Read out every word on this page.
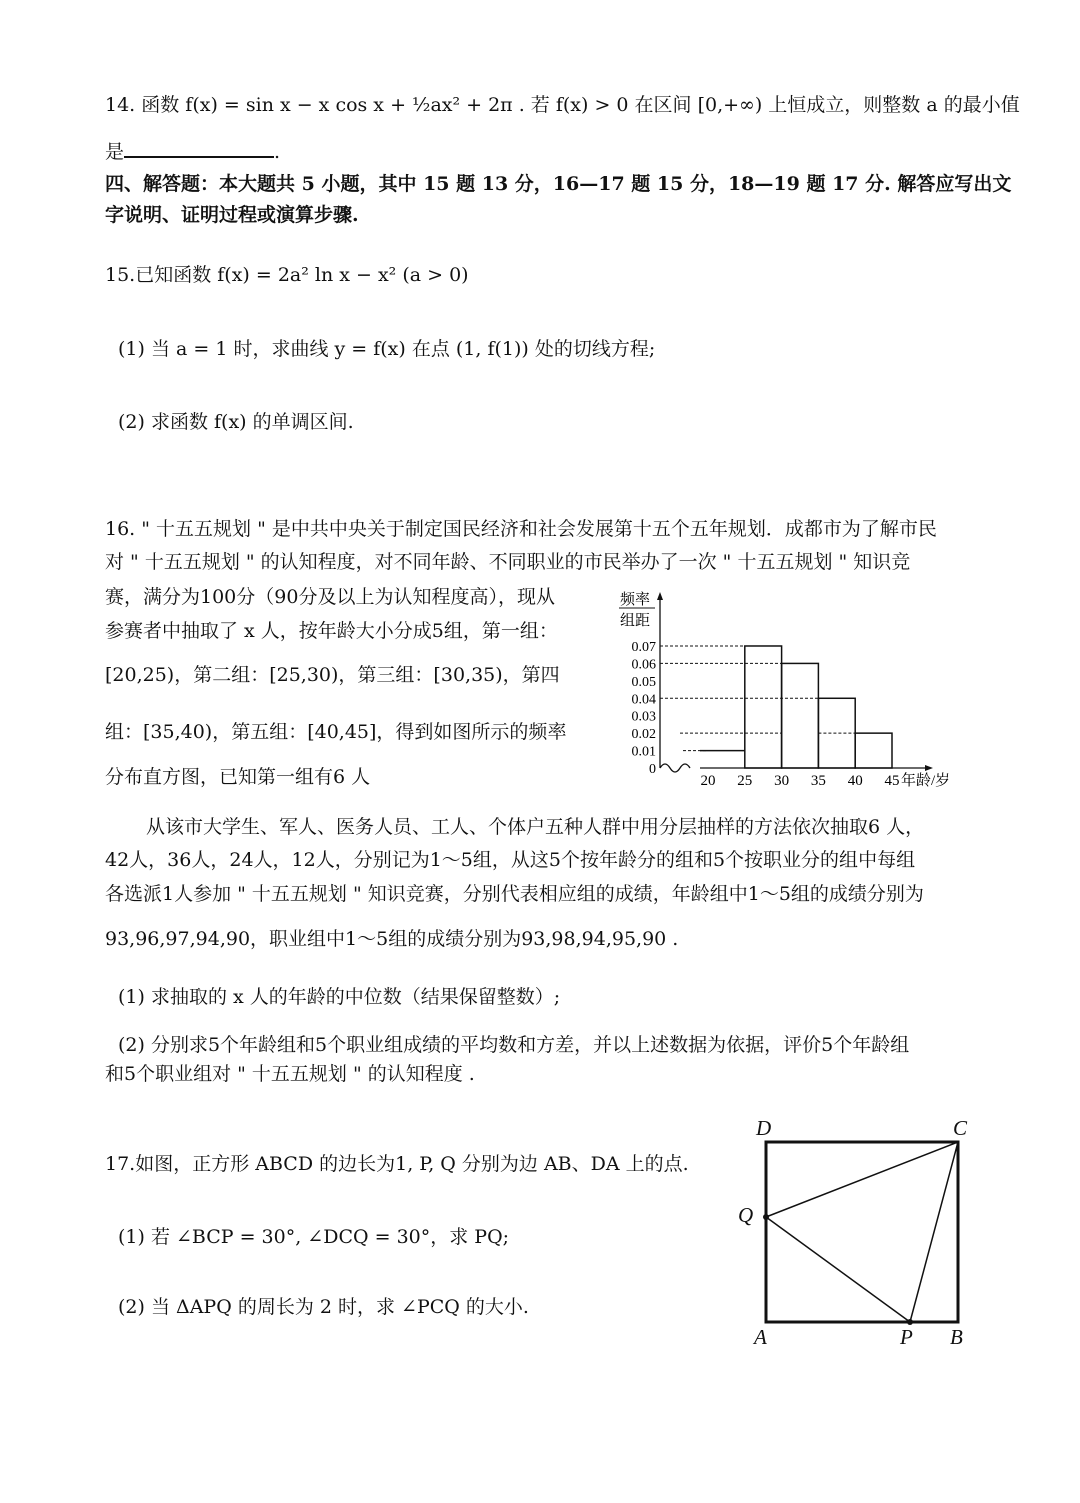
14. 函数 f(x) = sin x − x cos x + ½ax² + 2π . 若 f(x) > 0 在区间 [0,+∞) 上恒成立，则整数 a 的最小值
是	.
四、解答题：本大题共 5 小题，其中 15 题 13 分，16—17 题 15 分，18—19 题 17 分. 解答应写出文
字说明、证明过程或演算步骤.
15.已知函数 f(x) = 2a² ln x − x² (a > 0)
(1) 当 a = 1 时，求曲线 y = f(x) 在点 (1, f(1)) 处的切线方程;
(2) 求函数 f(x) 的单调区间.
16. " 十五五规划 " 是中共中央关于制定国民经济和社会发展第十五个五年规划．成都市为了解市民
对 " 十五五规划 " 的认知程度，对不同年龄、不同职业的市民举办了一次 " 十五五规划 " 知识竞
赛，满分为100分（90分及以上为认知程度高），现从
参赛者中抽取了 x 人，按年龄大小分成5组，第一组：
[20,25)，第二组：[25,30)，第三组：[30,35)，第四
组：[35,40)，第五组：[40,45]，得到如图所示的频率
分布直方图，已知第一组有6 人
频率
组距
0
0.01
0.02
0.03
0.04
0.05
0.06
0.07
20 25 30 35 40 45 年龄/岁
从该市大学生、军人、医务人员、工人、个体户五种人群中用分层抽样的方法依次抽取6 人，
42人，36人，24人，12人，分别记为1～5组，从这5个按年龄分的组和5个按职业分的组中每组
各选派1人参加 " 十五五规划 " 知识竞赛，分别代表相应组的成绩，年龄组中1～5组的成绩分别为
93,96,97,94,90，职业组中1～5组的成绩分别为93,98,94,95,90 .
(1) 求抽取的 x 人的年龄的中位数（结果保留整数）;
(2) 分别求5个年龄组和5个职业组成绩的平均数和方差，并以上述数据为依据，评价5个年龄组
和5个职业组对 " 十五五规划 " 的认知程度 .
17.如图，正方形 ABCD 的边长为1, P, Q 分别为边 AB、DA 上的点.
(1) 若 ∠BCP = 30°, ∠DCQ = 30°，求 PQ;
(2) 当 ΔAPQ 的周长为 2 时，求 ∠PCQ 的大小.
D	C
Q
A	P B
